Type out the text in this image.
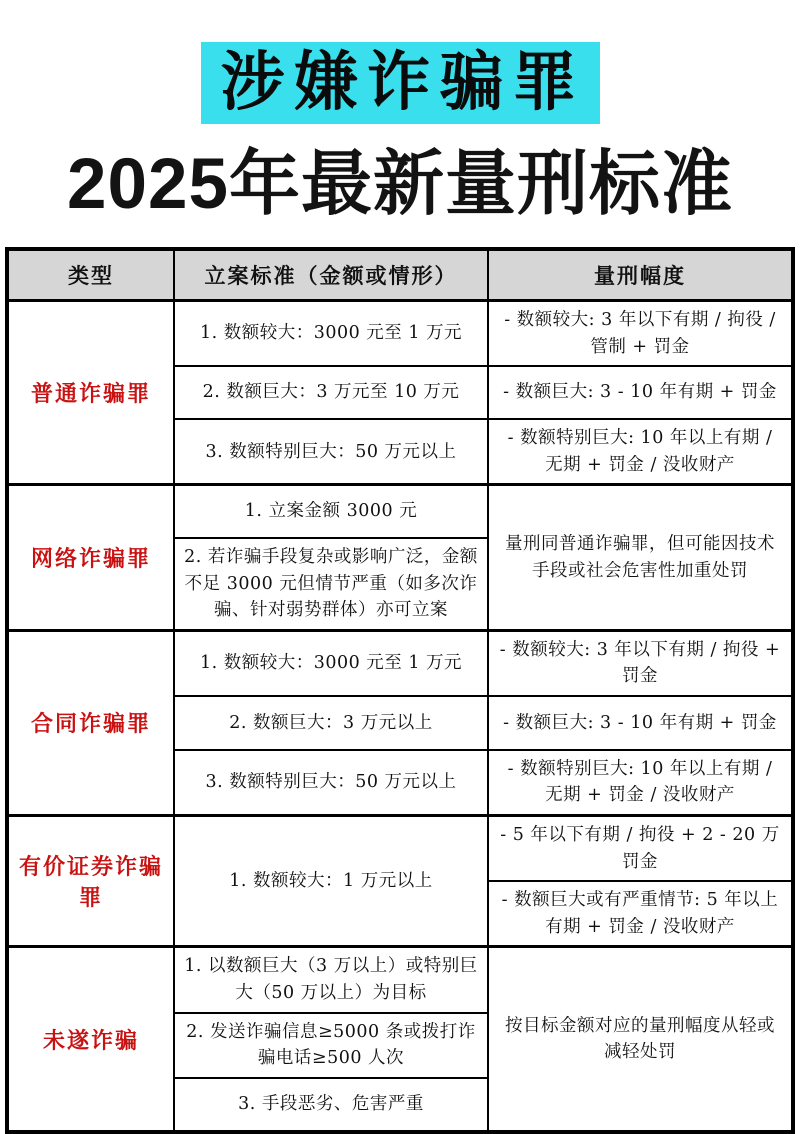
涉嫌诈骗罪
2025年最新量刑标准
类型	立案标准（金额或情形）	量刑幅度
普通诈骗罪	1. 数额较大：3000 元至 1 万元	- 数额较大: 3 年以下有期 / 拘役 / 管制 + 罚金
	2. 数额巨大：3 万元至 10 万元	- 数额巨大: 3 - 10 年有期 + 罚金
	3. 数额特别巨大：50 万元以上	- 数额特别巨大: 10 年以上有期 / 无期 + 罚金 / 没收财产
网络诈骗罪	1. 立案金额 3000 元	量刑同普通诈骗罪，但可能因技术手段或社会危害性加重处罚
	2. 若诈骗手段复杂或影响广泛，金额不足 3000 元但情节严重（如多次诈骗、针对弱势群体）亦可立案	
合同诈骗罪	1. 数额较大：3000 元至 1 万元	- 数额较大: 3 年以下有期 / 拘役 + 罚金
	2. 数额巨大：3 万元以上	- 数额巨大: 3 - 10 年有期 + 罚金
	3. 数额特别巨大：50 万元以上	- 数额特别巨大: 10 年以上有期 / 无期 + 罚金 / 没收财产
有价证券诈骗罪	1. 数额较大：1 万元以上	- 5 年以下有期 / 拘役 + 2 - 20 万罚金
		- 数额巨大或有严重情节: 5 年以上有期 + 罚金 / 没收财产
未遂诈骗	1. 以数额巨大（3 万以上）或特别巨大（50 万以上）为目标	按目标金额对应的量刑幅度从轻或减轻处罚
	2. 发送诈骗信息≥5000 条或拨打诈骗电话≥500 人次	
	3. 手段恶劣、危害严重	
